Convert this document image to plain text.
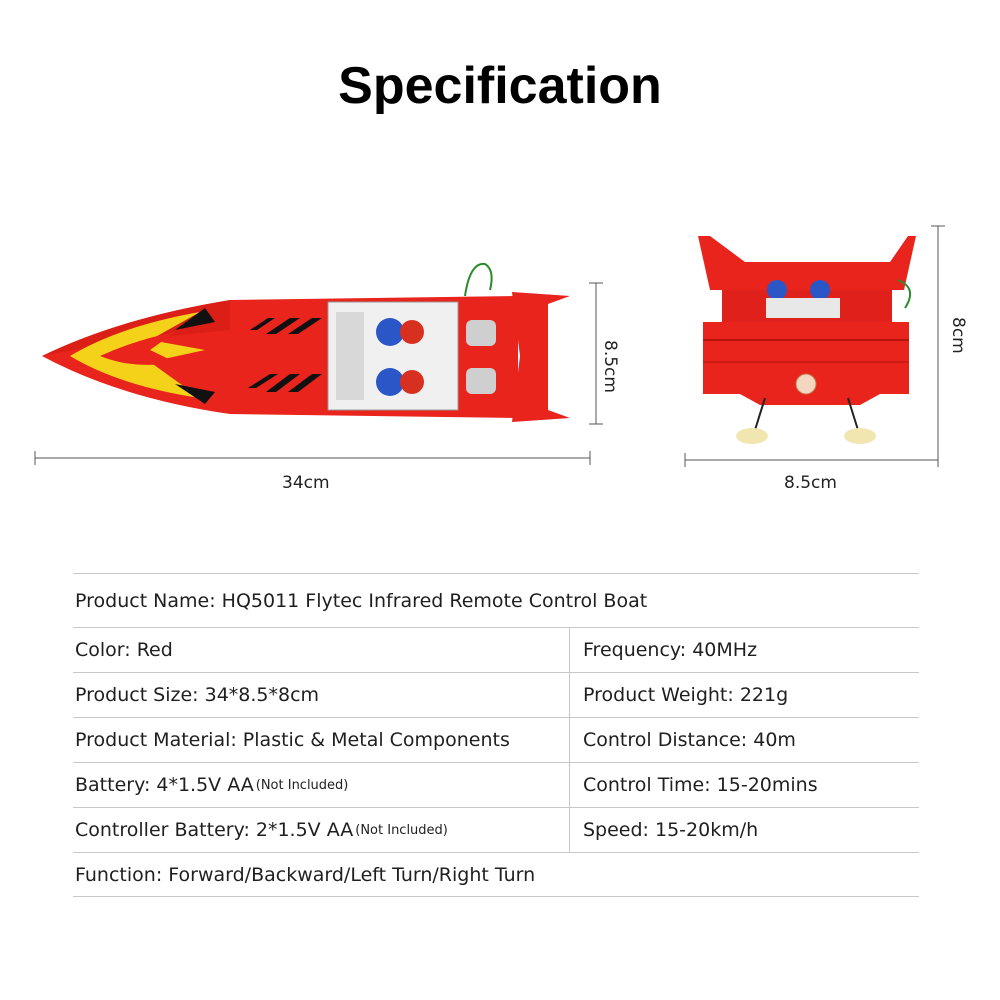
Specification
34cm
8.5cm
8.5cm
8cm
Product Name: HQ5011 Flytec Infrared Remote Control Boat
Color: Red	Frequency: 40MHz
Product Size: 34*8.5*8cm	Product Weight: 221g
Product Material: Plastic & Metal Components	Control Distance: 40m
Battery: 4*1.5V AA (Not Included)	Control Time: 15-20mins
Controller Battery: 2*1.5V AA (Not Included)	Speed: 15-20km/h
Function: Forward/Backward/Left Turn/Right Turn
